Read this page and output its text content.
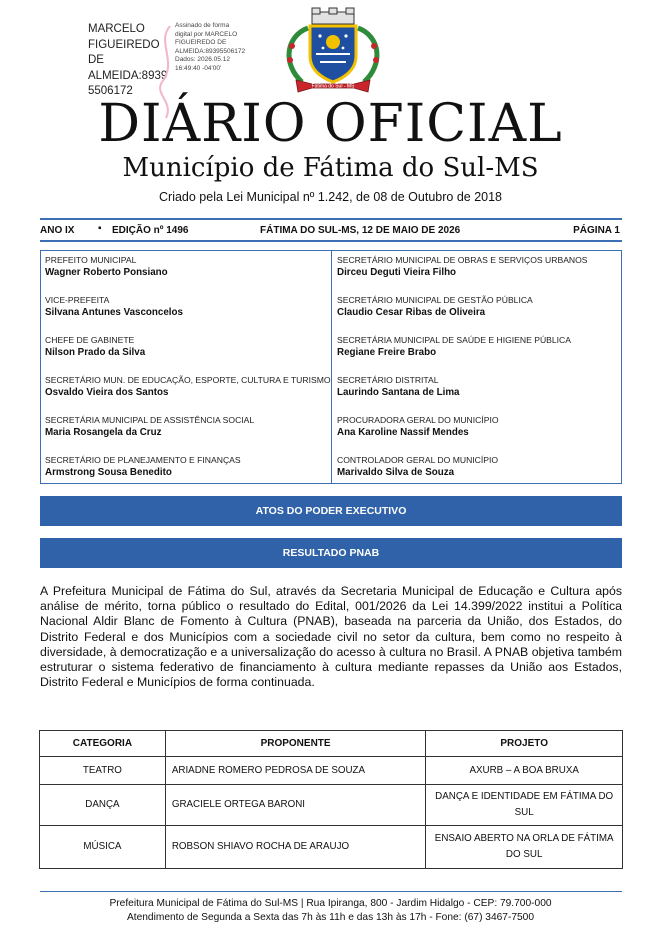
MARCELO
FIGUEIREDO DE
ALMEIDA:8939
5506172
Assinado de forma
digital por MARCELO
FIGUEIREDO DE
ALMEIDA:89395506172
Dados: 2026.05.12
16:49:40 -04'00'
Fátima do Sul - MS
DIÁRIO OFICIAL
Município de Fátima do Sul-MS
Criado pela Lei Municipal nº 1.242, de 08 de Outubro de 2018
ANO IX ▪ EDIÇÃO nº 1496	FÁTIMA DO SUL-MS, 12 DE MAIO DE 2026	PÁGINA 1
PREFEITO MUNICIPAL
Wagner Roberto Ponsiano
VICE-PREFEITA
Silvana Antunes Vasconcelos
CHEFE DE GABINETE
Nilson Prado da Silva
SECRETÁRIO MUN. DE EDUCAÇÃO, ESPORTE, CULTURA E TURISMO
Osvaldo Vieira dos Santos
SECRETÁRIA MUNICIPAL DE ASSISTÊNCIA SOCIAL
Maria Rosangela da Cruz
SECRETÁRIO DE PLANEJAMENTO E FINANÇAS
Armstrong Sousa Benedito
SECRETÁRIO MUNICIPAL DE OBRAS E SERVIÇOS URBANOS
Dirceu Deguti Vieira Filho
SECRETÁRIO MUNICIPAL DE GESTÃO PÚBLICA
Claudio Cesar Ribas de Oliveira
SECRETÁRIA MUNICIPAL DE SAÚDE E HIGIENE PÚBLICA
Regiane Freire Brabo
SECRETÁRIO DISTRITAL
Laurindo Santana de Lima
PROCURADORA GERAL DO MUNICÍPIO
Ana Karoline Nassif Mendes
CONTROLADOR GERAL DO MUNICÍPIO
Marivaldo Silva de Souza
ATOS DO PODER EXECUTIVO
RESULTADO PNAB
A Prefeitura Municipal de Fátima do Sul, através da Secretaria Municipal de Educação e Cultura após análise de mérito, torna público o resultado do Edital, 001/2026 da Lei 14.399/2022 institui a Política Nacional Aldir Blanc de Fomento à Cultura (PNAB), baseada na parceria da União, dos Estados, do Distrito Federal e dos Municípios com a sociedade civil no setor da cultura, bem como no respeito à diversidade, à democratização e a universalização do acesso à cultura no Brasil. A PNAB objetiva também estruturar o sistema federativo de financiamento à cultura mediante repasses da União aos Estados, Distrito Federal e Municípios de forma continuada.
CATEGORIA	PROPONENTE	PROJETO
TEATRO	ARIADNE ROMERO PEDROSA DE SOUZA	AXURB – A BOA BRUXA
DANÇA	GRACIELE ORTEGA BARONI	DANÇA E IDENTIDADE EM FÁTIMA DO SUL
MÚSICA	ROBSON SHIAVO ROCHA DE ARAUJO	ENSAIO ABERTO NA ORLA DE FÁTIMA DO SUL
Prefeitura Municipal de Fátima do Sul-MS | Rua Ipiranga, 800 - Jardim Hidalgo - CEP: 79.700-000
Atendimento de Segunda a Sexta das 7h às 11h e das 13h às 17h - Fone: (67) 3467-7500
